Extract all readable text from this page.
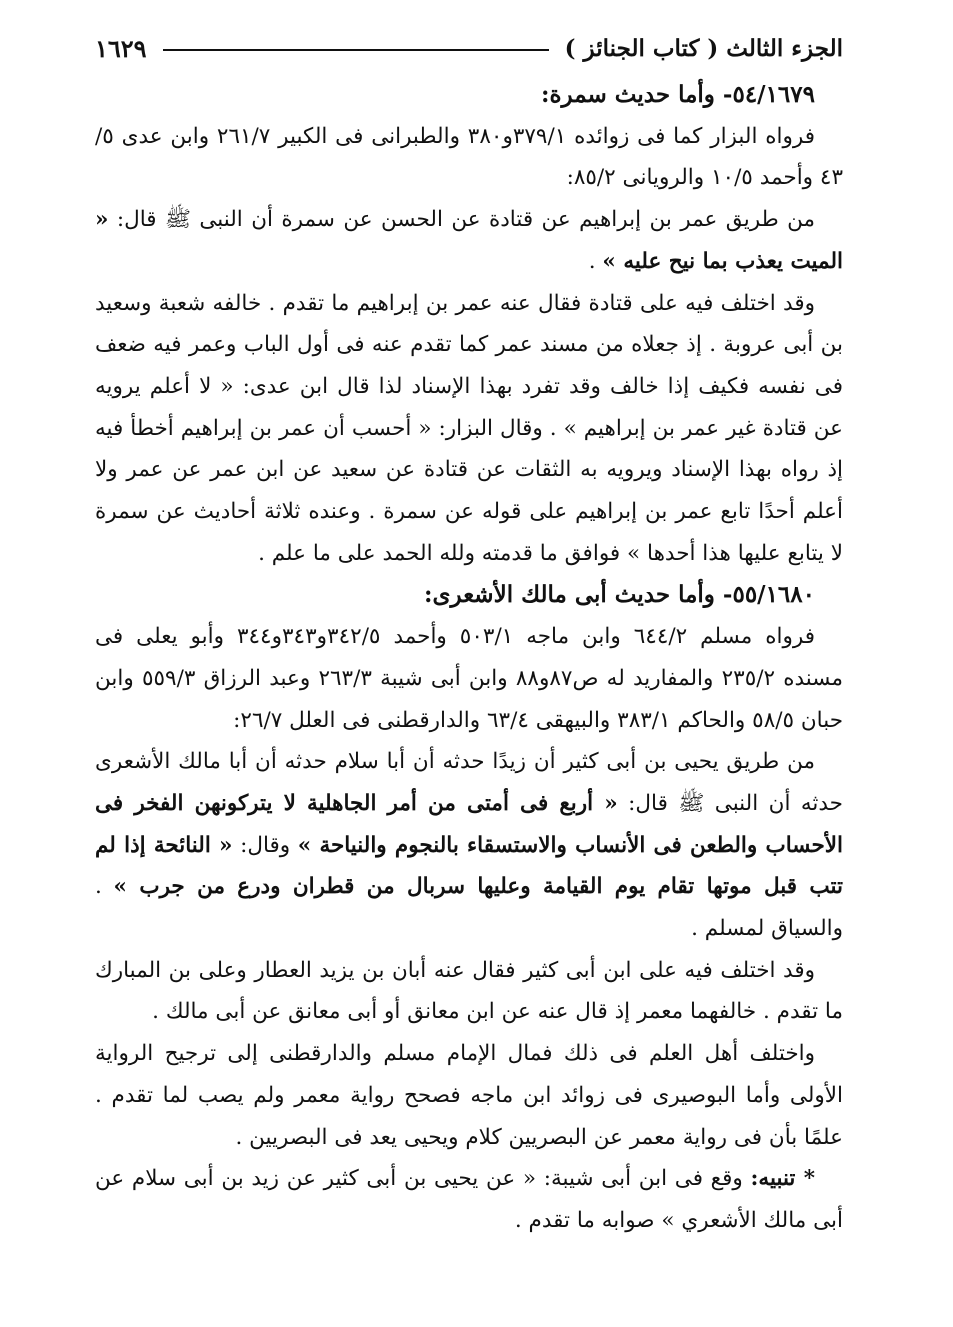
الجزء الثالث ( كتاب الجنائز )
١٦٢٩

٥٤/١٦٧٩- وأما حديث سمرة:

فرواه البزار كما فى زوائده ٣٧٩/١و٣٨٠ والطبرانى فى الكبير ٢٦١/٧ وابن عدى ٥/ ٤٣ وأحمد ١٠/٥ والرويانى ٨٥/٢:

من طريق عمر بن إبراهيم عن قتادة عن الحسن عن سمرة أن النبى ﷺ قال: « الميت يعذب بما نيح عليه » .

وقد اختلف فيه على قتادة فقال عنه عمر بن إبراهيم ما تقدم . خالفه شعبة وسعيد بن أبى عروبة . إذ جعلاه من مسند عمر كما تقدم عنه فى أول الباب وعمر فيه ضعف فى نفسه فكيف إذا خالف وقد تفرد بهذا الإسناد لذا قال ابن عدى: « لا أعلم يرويه عن قتادة غير عمر بن إبراهيم » . وقال البزار: « أحسب أن عمر بن إبراهيم أخطأ فيه إذ رواه بهذا الإسناد ويرويه به الثقات عن قتادة عن سعيد عن ابن عمر عن عمر ولا أعلم أحدًا تابع عمر بن إبراهيم على قوله عن سمرة . وعنده ثلاثة أحاديث عن سمرة لا يتابع عليها هذا أحدها » فوافق ما قدمته ولله الحمد على ما علم .

٥٥/١٦٨٠- وأما حديث أبى مالك الأشعرى:

فرواه مسلم ٦٤٤/٢ وابن ماجه ٥٠٣/١ وأحمد ٣٤٢/٥و٣٤٣و٣٤٤ وأبو يعلى فى مسنده ٢٣٥/٢ والمفاريد له ص٨٧و٨٨ وابن أبى شيبة ٢٦٣/٣ وعبد الرزاق ٥٥٩/٣ وابن حبان ٥٨/٥ والحاكم ٣٨٣/١ والبيهقى ٦٣/٤ والدارقطنى فى العلل ٢٦/٧:

من طريق يحيى بن أبى كثير أن زيدًا حدثه أن أبا سلام حدثه أن أبا مالك الأشعرى حدثه أن النبى ﷺ قال: « أربع فى أمتى من أمر الجاهلية لا يتركونهن الفخر فى الأحساب والطعن فى الأنساب والاستسقاء بالنجوم والنياحة » وقال: « النائحة إذا لم تتب قبل موتها تقام يوم القيامة وعليها سربال من قطران ودرع من جرب » . والسياق لمسلم .

وقد اختلف فيه على ابن أبى كثير فقال عنه أبان بن يزيد العطار وعلى بن المبارك ما تقدم . خالفهما معمر إذ قال عنه عن ابن معانق أو أبى معانق عن أبى مالك .

واختلف أهل العلم فى ذلك فمال الإمام مسلم والدارقطنى إلى ترجيح الرواية الأولى وأما البوصيرى فى زوائد ابن ماجه فصحح رواية معمر ولم يصب لما تقدم . علمًا بأن فى رواية معمر عن البصريين كلام ويحيى يعد فى البصريين .

* تنبيه: وقع فى ابن أبى شيبة: « عن يحيى بن أبى كثير عن زيد بن أبى سلام عن أبى مالك الأشعري » صوابه ما تقدم .
